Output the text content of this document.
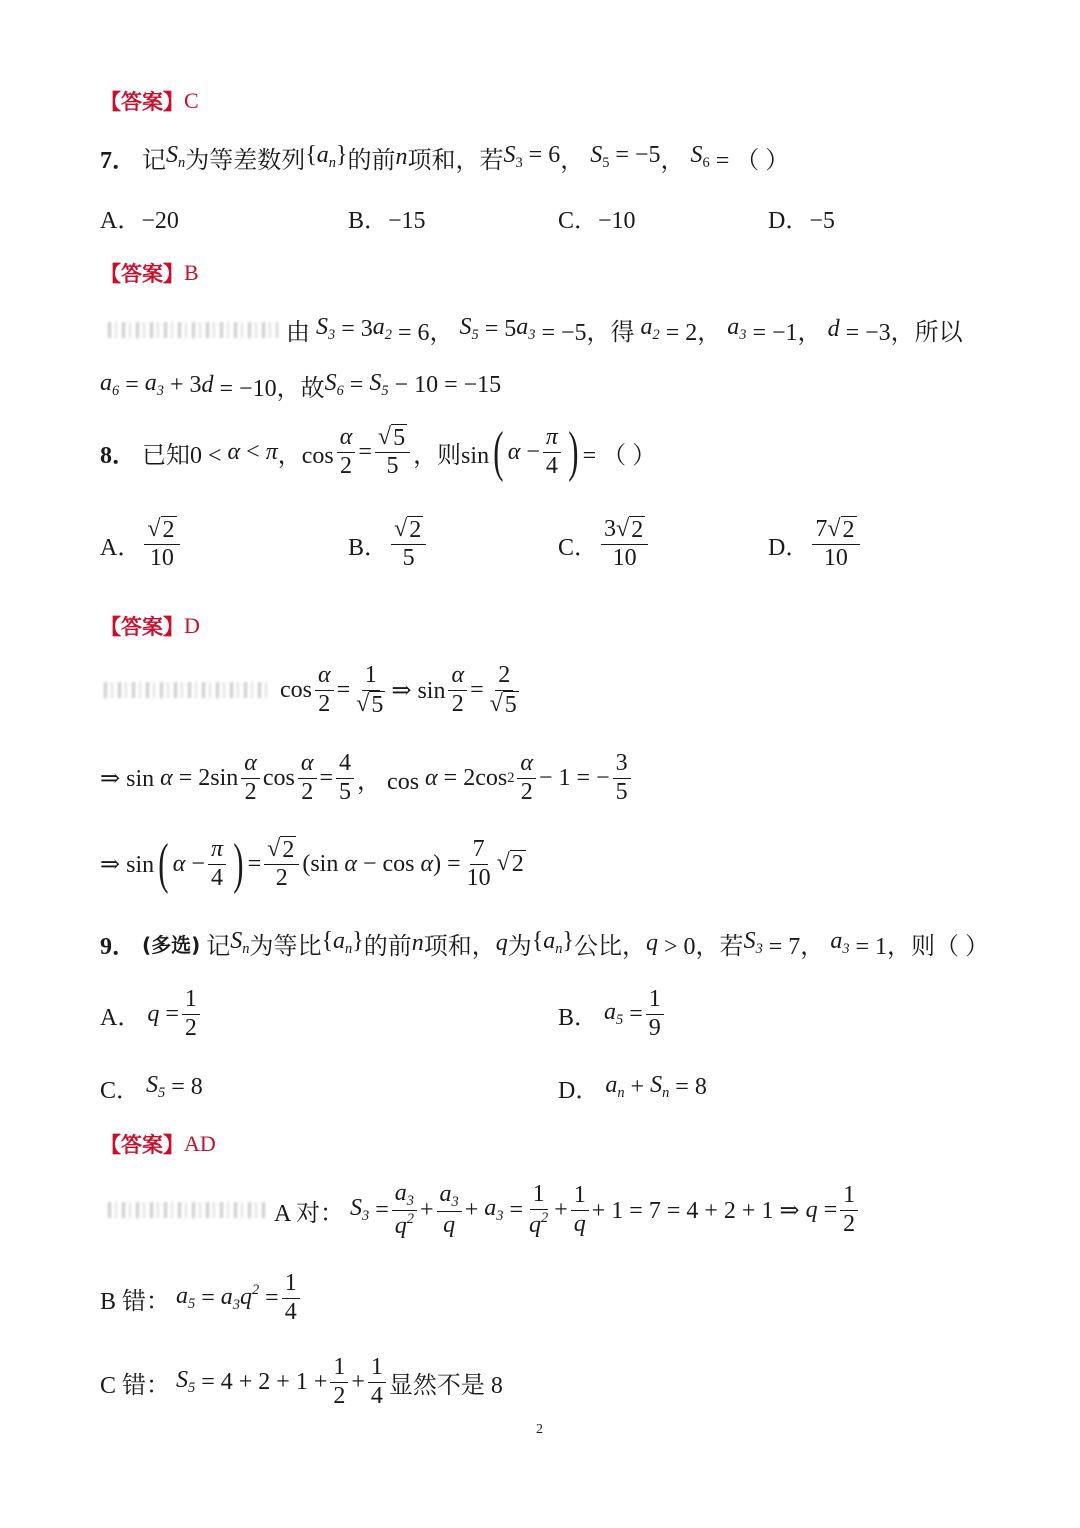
【答案】 C
7． 记 $S_n$ 为等差数列 $\{a_n\}$ 的前 n 项和，若 $S_3 = 6$ ，
$S_5 = -5$ ，
$S_6$
= （ ）
A．−20	B．−15	C．−10	D．−5
【答案】 B
由
$S_3$
= 3 $a_2$
= 6，
$S_5$
= 5 $a_3$
= −5，得
$a_2$
= 2，
$a_3$
= −1，
d
= −3，所以
$a_6$
=
$a_3$
+ 3 d
= −10，故 $S_6$
=
$S_5$
− 10 = −15
8． 已知0 <
α
<
π ，$\cos \frac{\alpha}{2} = \frac{√ 5}{5}$ ，则sin ( α
− $\frac{\pi}{4}$ ) = （ ）
A． $\frac{√ 2}{10}$	B． $\frac{√ 2}{5}$	C． $\frac{3 √ 2}{10}$	D． $\frac{7 √ 2}{10}$
【答案】 D
$\cos \frac{\alpha}{2} = \frac{1}{√ 5}$ ⇒ $\sin \frac{\alpha}{2} = \frac{2}{√ 5}$
⇒ sin
α
= $2\sin \frac{\alpha}{2}$ $\cos \frac{\alpha}{2} = \frac{4}{5}$ ， cos
α
= 2cos $2 \frac{\alpha}{2} - 1$ = − $\frac{3}{5}$
⇒ sin ( α
− $\frac{\pi}{4}$ ) = $\frac{√ 2}{2} (\sin$
α
− cos
α ) = $\frac{7}{10}$ √ 2
9． (多选)
记 $S_n$ 为等比 $\{a_n\}$ 的前 n 项和， q 为 $\{a_n\}$ 公比， q
> 0，若 $S_3$
= 7，
$a_3$
= 1，则（ ）
A．
$q = \frac{1}{2}$	B．
$a_5 = \frac{1}{9}$
C．
$S_5 = 8$	D．
$a_n + S_n = 8$
【答案】 AD
A 对：
$S_3 = \frac{a_3}{q^2} + \frac{a_3}{q} + a_3 = \frac{1}{q^2} + \frac{1}{q} + 1 = 7 = 4 + 2 + 1$ ⇒ $q = \frac{1}{2}$
B 错：
$a_5 = a_3q^2 = \frac{1}{4}$
C 错：
$S_5 = 4 + 2 + 1 + \frac{1}{2} + \frac{1}{4}$ 显然不是 8
2
